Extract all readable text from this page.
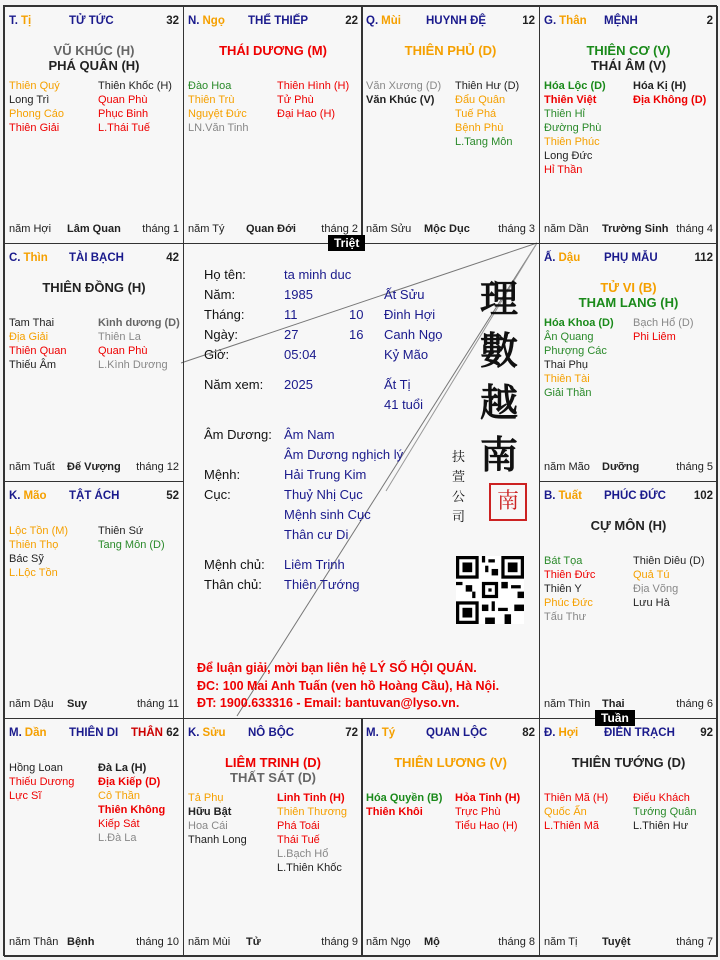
T. Tị	TỬ TỨC	32
VŨ KHÚC (H)
PHÁ QUÂN (H)
Thiên Quý
Long Trì
Phong Cáo
Thiên Giải
Thiên Khốc (H)
Quan Phù
Phục Binh
L.Thái Tuế
năm Hợi Lâm Quan tháng 1
N. Ngọ THỂ THIẾP	22
THÁI DƯƠNG (M)
Đào Hoa
Thiên Trù
Nguyệt Đức
LN.Văn Tinh
Thiên Hình (H)
Tử Phù
Đại Hao (H)
năm Tý Quan Đới tháng 2
Q. Mùi HUYNH ĐỆ	12
THIÊN PHỦ (D)
Văn Xương (D)
Văn Khúc (V)
Thiên Hư (D)
Đẩu Quân
Tuế Phá
Bệnh Phù
L.Tang Môn
năm Sửu Mộc Dục	tháng 3
G. Thân MỆNH	2
THIÊN CƠ (V)
THÁI ÂM (V)
Hóa Lộc (D)
Thiên Việt
Thiên Hỉ
Đường Phù
Thiên Phúc
Long Đức
Hỉ Thần
Hóa Kị (H)
Địa Không (D)
năm Dần Trường Sinh tháng 4
C. Thìn TÀI BẠCH	42
THIÊN ĐỒNG (H)
Tam Thai
Địa Giải
Thiên Quan
Thiếu Âm
Kình dương (D)
Thiên La
Quan Phù
L.Kình Dương
năm Tuất Đế Vượng tháng 12
Ấ. Dậu PHỤ MẪU	112
TỬ VI (B)
THAM LANG (H)
Hóa Khoa (D)
Ân Quang
Phượng Các
Thai Phụ
Thiên Tài
Giải Thần
Bạch Hổ (D)
Phi Liêm
năm Mão Dưỡng	tháng 5
K. Mão TẬT ÁCH	52
Lộc Tồn (M)
Thiên Thọ
Bác Sỹ
L.Lộc Tồn
Thiên Sứ
Tang Môn (D)
năm Dậu Suy	tháng 11
B. Tuất PHÚC ĐỨC 102
CỰ MÔN (H)
Bát Tọa
Thiên Đức
Thiên Y
Phúc Đức
Tấu Thư
Thiên Diêu (D)
Quả Tú
Địa Võng
Lưu Hà
năm Thìn Thai	tháng 6
M. Dần THIÊN DI THÂN 62
Hồng Loan
Thiếu Dương
Lực Sĩ
Đà La (H)
Địa Kiếp (D)
Cô Thần
Thiên Không
Kiếp Sát
L.Đà La
năm Thân Bệnh	tháng 10
K. Sửu NÔ BỘC	72
LIÊM TRINH (D)
THẤT SÁT (D)
Tả Phụ
Hữu Bật
Hoa Cái
Thanh Long
Linh Tinh (H)
Thiên Thương
Phá Toái
Thái Tuế
L.Bạch Hổ
L.Thiên Khốc
năm Mùi Tử	tháng 9
M. Tý	QUAN LỘC	82
THIÊN LƯƠNG (V)
Hóa Quyền (B)
Thiên Khôi
Hỏa Tinh (H)
Trực Phù
Tiểu Hao (H)
năm Ngọ Mộ	tháng 8
Đ. Hợi ĐIỀN TRẠCH 92
THIÊN TƯỚNG (D)
Thiên Mã (H)
Quốc Ấn
L.Thiên Mã
Điếu Khách
Tướng Quân
L.Thiên Hư
năm Tị Tuyệt	tháng 7
Triệt
Tuần
Họ tên:	ta minh duc
Năm:	1985	Ất Sửu
Tháng:	11	10 Đinh Hợi
Ngày:	27	16 Canh Ngọ
Giờ:	05:04	Kỷ Mão
Năm xem: 2025	Ất Tị
41 tuổi
Âm Dương: Âm Nam
Âm Dương nghịch lý
Mệnh:	Hải Trung Kim
Cục:	Thuỷ Nhị Cục
Mệnh sinh Cục
Thân cư Di
Mệnh chủ: Liêm Trinh
Thân chủ: Thiên Tướng
理
數
越
南
扶
萱
公
司
南
Để luận giải, mời bạn liên hệ LÝ SỐ HỘI QUÁN.
ĐC: 100 Mai Anh Tuấn (ven hồ Hoàng Cầu), Hà Nội.
ĐT: 1900.633316 - Email: bantuvan@lyso.vn.
